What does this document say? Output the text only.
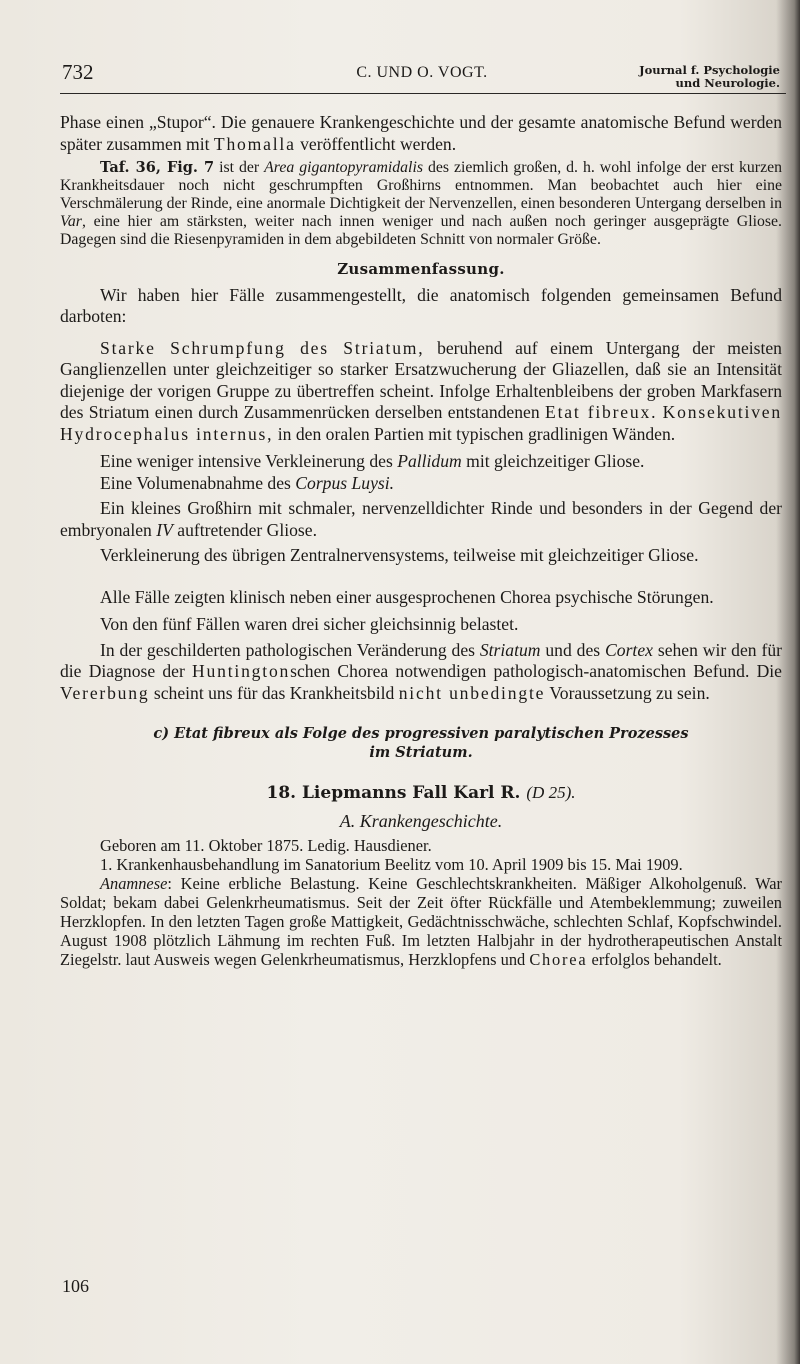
732	C. UND O. VOGT.	Journal f. Psychologie
und Neurologie.

Phase einen „Stupor“. Die genauere Krankengeschichte und der gesamte anatomische Befund werden später zusammen mit Thomalla veröffentlicht werden.

Taf. 36, Fig. 7 ist der Area gigantopyramidalis des ziemlich großen, d. h. wohl infolge der erst kurzen Krankheitsdauer noch nicht geschrumpften Großhirns entnommen. Man beobachtet auch hier eine Verschmälerung der Rinde, eine anormale Dichtigkeit der Nervenzellen, einen besonderen Untergang derselben in Var, eine hier am stärksten, weiter nach innen weniger und nach außen noch geringer ausgeprägte Gliose. Dagegen sind die Riesenpyramiden in dem abgebildeten Schnitt von normaler Größe.

Zusammenfassung.

Wir haben hier Fälle zusammengestellt, die anatomisch folgenden gemeinsamen Befund darboten:

Starke Schrumpfung des Striatum, beruhend auf einem Untergang der meisten Ganglienzellen unter gleichzeitiger so starker Ersatzwucherung der Gliazellen, daß sie an Intensität diejenige der vorigen Gruppe zu übertreffen scheint. Infolge Erhaltenbleibens der groben Markfasern des Striatum einen durch Zusammenrücken derselben entstandenen Etat fibreux. Konsekutiven Hydrocephalus internus, in den oralen Partien mit typischen gradlinigen Wänden.

Eine weniger intensive Verkleinerung des Pallidum mit gleichzeitiger Gliose.

Eine Volumenabnahme des Corpus Luysi.

Ein kleines Großhirn mit schmaler, nervenzelldichter Rinde und besonders in der Gegend der embryonalen IV auftretender Gliose.

Verkleinerung des übrigen Zentralnervensystems, teilweise mit gleichzeitiger Gliose.

Alle Fälle zeigten klinisch neben einer ausgesprochenen Chorea psychische Störungen.

Von den fünf Fällen waren drei sicher gleichsinnig belastet.

In der geschilderten pathologischen Veränderung des Striatum und des Cortex sehen wir den für die Diagnose der Huntingtonschen Chorea notwendigen pathologisch-anatomischen Befund. Die Vererbung scheint uns für das Krankheitsbild nicht unbedingte Voraussetzung zu sein.

c) Etat fibreux als Folge des progressiven paralytischen Prozesses
im Striatum.

18. Liepmanns Fall Karl R. (D 25).

A. Krankengeschichte.

Geboren am 11. Oktober 1875. Ledig. Hausdiener.

1. Krankenhausbehandlung im Sanatorium Beelitz vom 10. April 1909 bis 15. Mai 1909.

Anamnese: Keine erbliche Belastung. Keine Geschlechtskrankheiten. Mäßiger Alkoholgenuß. War Soldat; bekam dabei Gelenkrheumatismus. Seit der Zeit öfter Rückfälle und Atembeklemmung; zuweilen Herzklopfen. In den letzten Tagen große Mattigkeit, Gedächtnisschwäche, schlechten Schlaf, Kopfschwindel. August 1908 plötzlich Lähmung im rechten Fuß. Im letzten Halbjahr in der hydrotherapeutischen Anstalt Ziegelstr. laut Ausweis wegen Gelenkrheumatismus, Herzklopfens und Chorea erfolglos behandelt.

106
